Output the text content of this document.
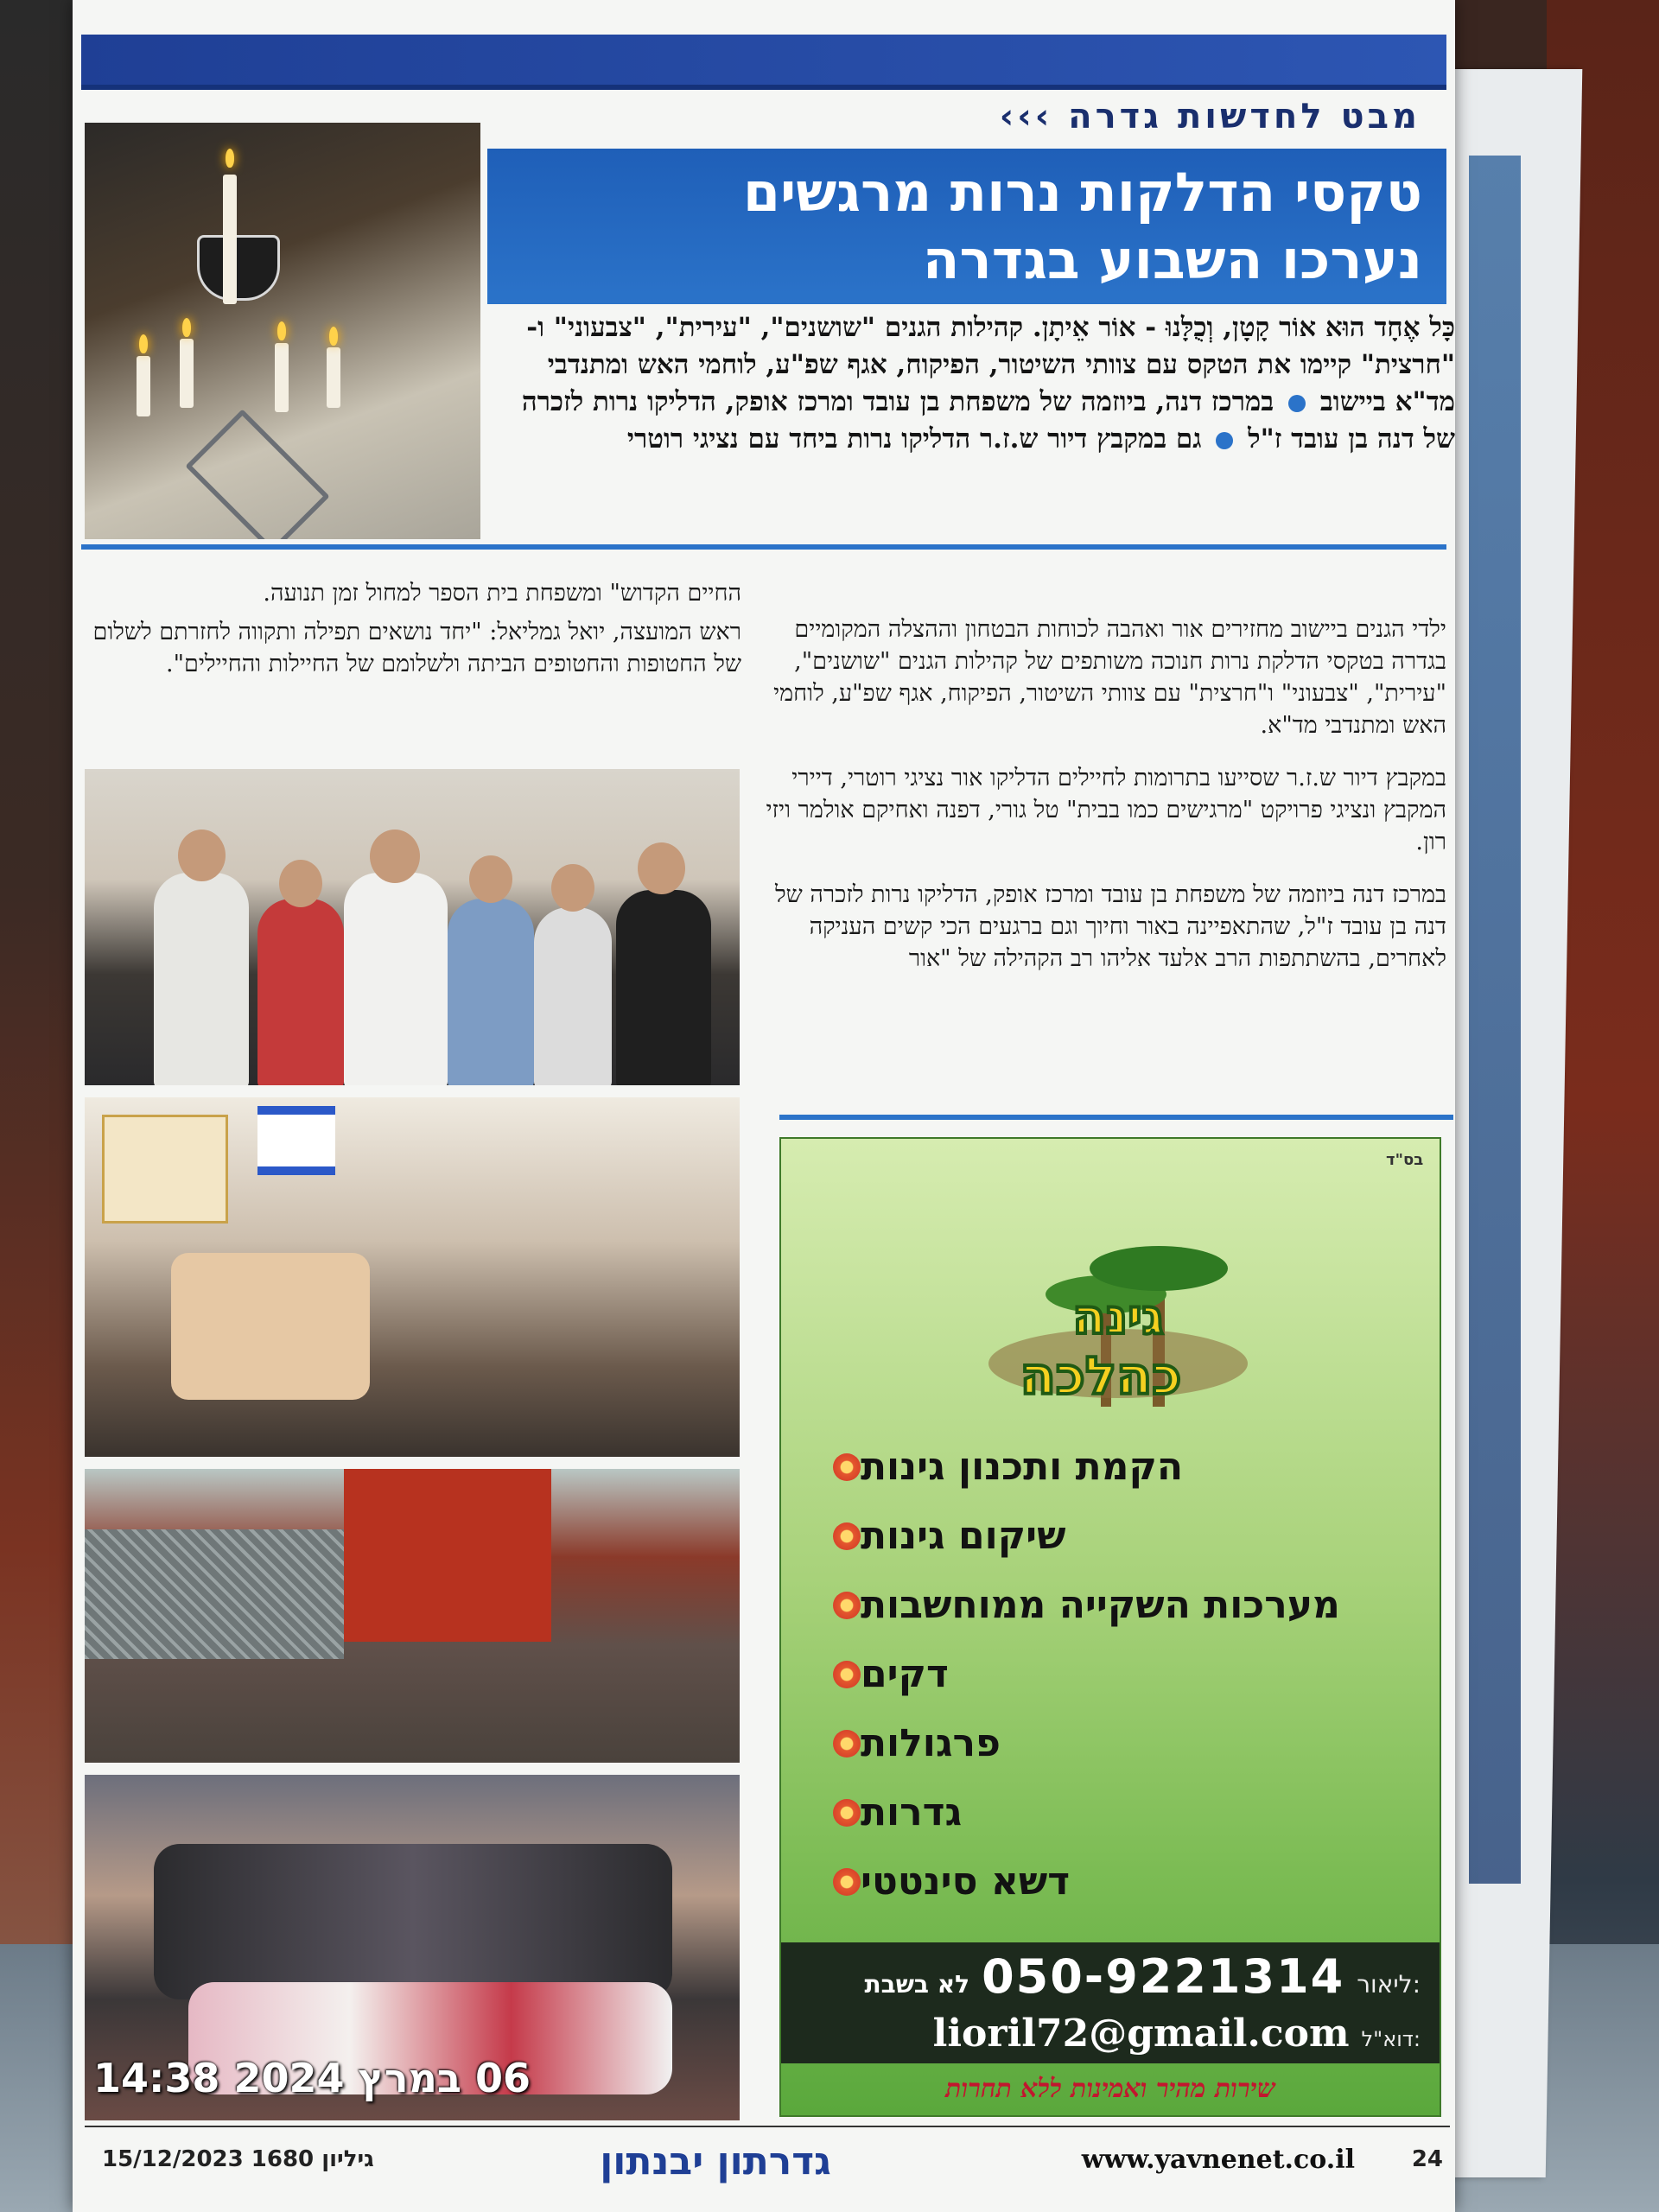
מבט לחדשות גדרה ›››
טקסי הדלקות נרות מרגשים
נערכו השבוע בגדרה
כָּל אֶחָד הוּא אוֹר קָטָן, וְכֻלָּנוּ - אוֹר אֵיתָן. קהילות הגנים "שושנים", "עירית", "צבעוני" ו-"חרצית" קיימו את הטקס עם צוותי השיטור, הפיקוח, אגף שפ"ע, לוחמי האש ומתנדבי מד"א ביישוב  במרכז דנה, ביוזמה של משפחת בן עובד ומרכז אופק, הדליקו נרות לזכרה של דנה בן עובד ז"ל  גם במקבץ דיור ש.ז.ר הדליקו נרות ביחד עם נציגי רוטרי

ילדי הגנים ביישוב מחזירים אור ואהבה לכוחות הבטחון וההצלה המקומיים בגדרה בטקסי הדלקת נרות חנוכה משותפים של קהילות הגנים "שושנים", "עירית", "צבעוני" ו"חרצית" עם צוותי השיטור, הפיקוח, אגף שפ"ע, לוחמי האש ומתנדבי מד"א.

במקבץ דיור ש.ז.ר שסייעו בתרומות לחיילים הדליקו אור נציגי רוטרי, דיירי המקבץ ונציגי פרויקט "מרגישים כמו בבית" טל גורי, דפנה ואחיקם אולמר ויזי רון.

במרכז דנה ביוזמה של משפחת בן עובד ומרכז אופק, הדליקו נרות לזכרה של דנה בן עובד ז"ל, שהתאפיינה באור וחיוך וגם ברגעים הכי קשים העניקה לאחרים, בהשתתפות הרב אלעד אליהו רב הקהילה של "אור

החיים הקדוש" ומשפחת בית הספר למחול זמן תנועה.

ראש המועצה, יואל גמליאל: "יחד נושאים תפילה ותקווה לחזרתם לשלום של החטופות והחטופים הביתה ולשלומם של החיילות והחיילים".

בס"ד
גינה
כהלכה
הקמת ותכנון גינות
שיקום גינות
מערכות השקייה ממוחשבות
דקים
פרגולות
גדרות
דשא סינטטי
ליאור:
050-9221314
לא בשבת
דוא"ל:
lioril72@gmail.com
שירות מהיר ואמינות ללא תחרות
24
www.yavnenet.co.il
גדרתון יבנתון
גיליון 1680 15/12/2023
06 במרץ 2024 14:38
